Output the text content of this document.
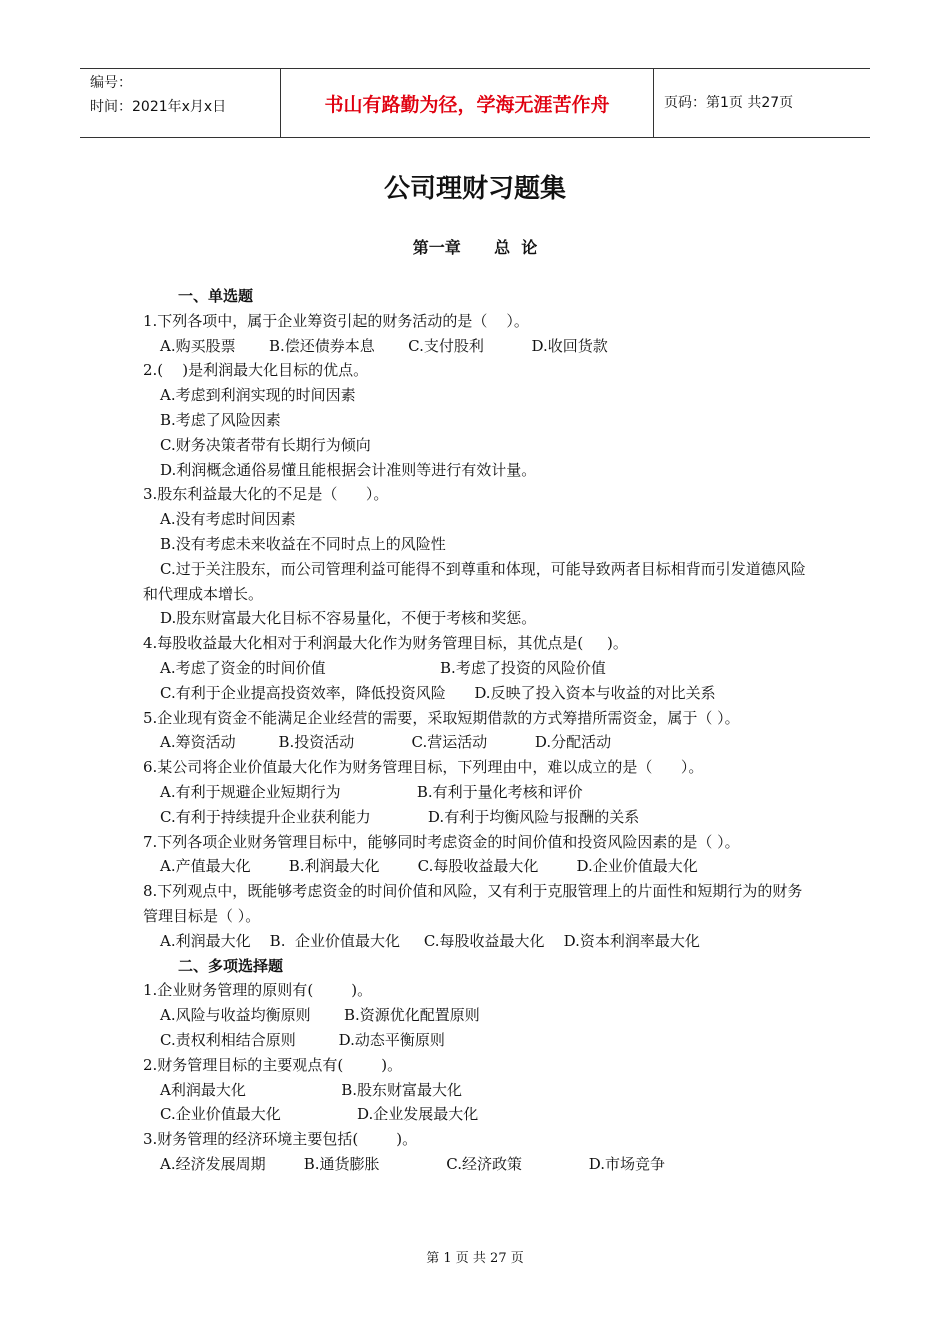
编号：
时间：2021年x月x日	书山有路勤为径，学海无涯苦作舟	页码：第1页 共27页
公司理财习题集
第一章      总  论
一、单选题
1.下列各项中，属于企业筹资引起的财务活动的是（    ）。
A.购买股票       B.偿还债券本息       C.支付股利          D.收回货款
2.(    )是利润最大化目标的优点。
A.考虑到利润实现的时间因素
B.考虑了风险因素
C.财务决策者带有长期行为倾向
D.利润概念通俗易懂且能根据会计准则等进行有效计量。
3.股东利益最大化的不足是（      ）。
A.没有考虑时间因素
B.没有考虑未来收益在不同时点上的风险性
C.过于关注股东，而公司管理利益可能得不到尊重和体现，可能导致两者目标相背而引发道德风险和代理成本增长。
D.股东财富最大化目标不容易量化，不便于考核和奖惩。
4.每股收益最大化相对于利润最大化作为财务管理目标，其优点是(     )。
A.考虑了资金的时间价值                        B.考虑了投资的风险价值
C.有利于企业提高投资效率，降低投资风险      D.反映了投入资本与收益的对比关系
5.企业现有资金不能满足企业经营的需要，采取短期借款的方式筹措所需资金，属于（ ）。
A.筹资活动         B.投资活动            C.营运活动          D.分配活动
6.某公司将企业价值最大化作为财务管理目标，下列理由中，难以成立的是（      ）。
A.有利于规避企业短期行为                B.有利于量化考核和评价
C.有利于持续提升企业获利能力            D.有利于均衡风险与报酬的关系
7.下列各项企业财务管理目标中，能够同时考虑资金的时间价值和投资风险因素的是（ ）。
A.产值最大化        B.利润最大化        C.每股收益最大化        D.企业价值最大化
8.下列观点中，既能够考虑资金的时间价值和风险，又有利于克服管理上的片面性和短期行为的财务管理目标是（ ）。
A.利润最大化    B.  企业价值最大化     C.每股收益最大化    D.资本利润率最大化
二、多项选择题
1.企业财务管理的原则有(        )。
A.风险与收益均衡原则       B.资源优化配置原则
C.责权利相结合原则         D.动态平衡原则
2.财务管理目标的主要观点有(        )。
A利润最大化                    B.股东财富最大化
C.企业价值最大化                D.企业发展最大化
3.财务管理的经济环境主要包括(        )。
A.经济发展周期        B.通货膨胀              C.经济政策              D.市场竞争
第 1 页 共 27 页
